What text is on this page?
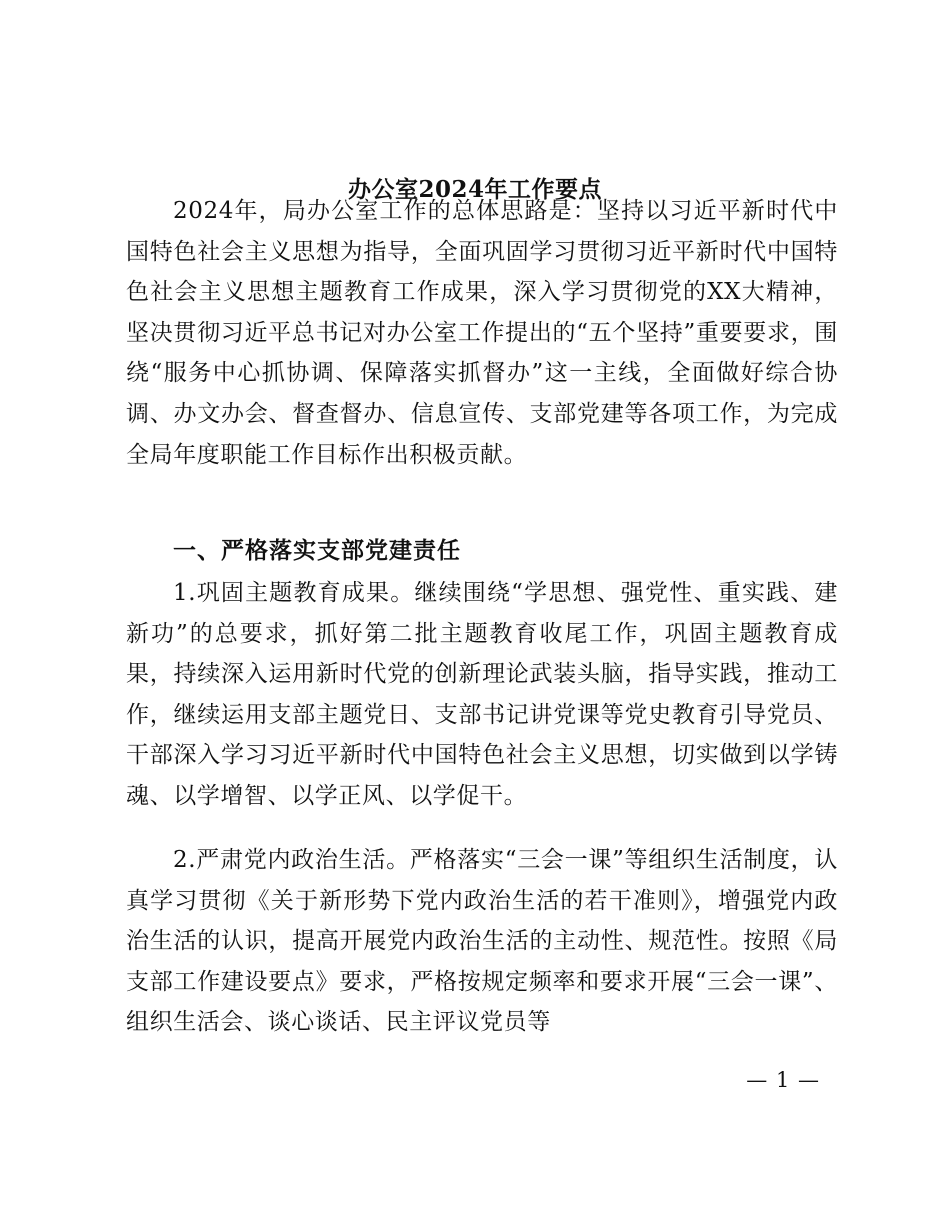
办公室2024年工作要点

2024年，局办公室工作的总体思路是：坚持以习近平新时代中国特色社会主义思想为指导，全面巩固学习贯彻习近平新时代中国特色社会主义思想主题教育工作成果，深入学习贯彻党的XX大精神，坚决贯彻习近平总书记对办公室工作提出的“五个坚持”重要要求，围绕“服务中心抓协调、保障落实抓督办”这一主线，全面做好综合协调、办文办会、督查督办、信息宣传、支部党建等各项工作，为完成全局年度职能工作目标作出积极贡献。

一、严格落实支部党建责任

1.巩固主题教育成果。继续围绕“学思想、强党性、重实践、建新功”的总要求，抓好第二批主题教育收尾工作，巩固主题教育成果，持续深入运用新时代党的创新理论武装头脑，指导实践，推动工作，继续运用支部主题党日、支部书记讲党课等党史教育引导党员、干部深入学习习近平新时代中国特色社会主义思想，切实做到以学铸魂、以学增智、以学正风、以学促干。

2.严肃党内政治生活。严格落实“三会一课”等组织生活制度，认真学习贯彻《关于新形势下党内政治生活的若干准则》，增强党内政治生活的认识，提高开展党内政治生活的主动性、规范性。按照《局支部工作建设要点》要求，严格按规定频率和要求开展“三会一课”、组织生活会、谈心谈话、民主评议党员等

— 1 —
